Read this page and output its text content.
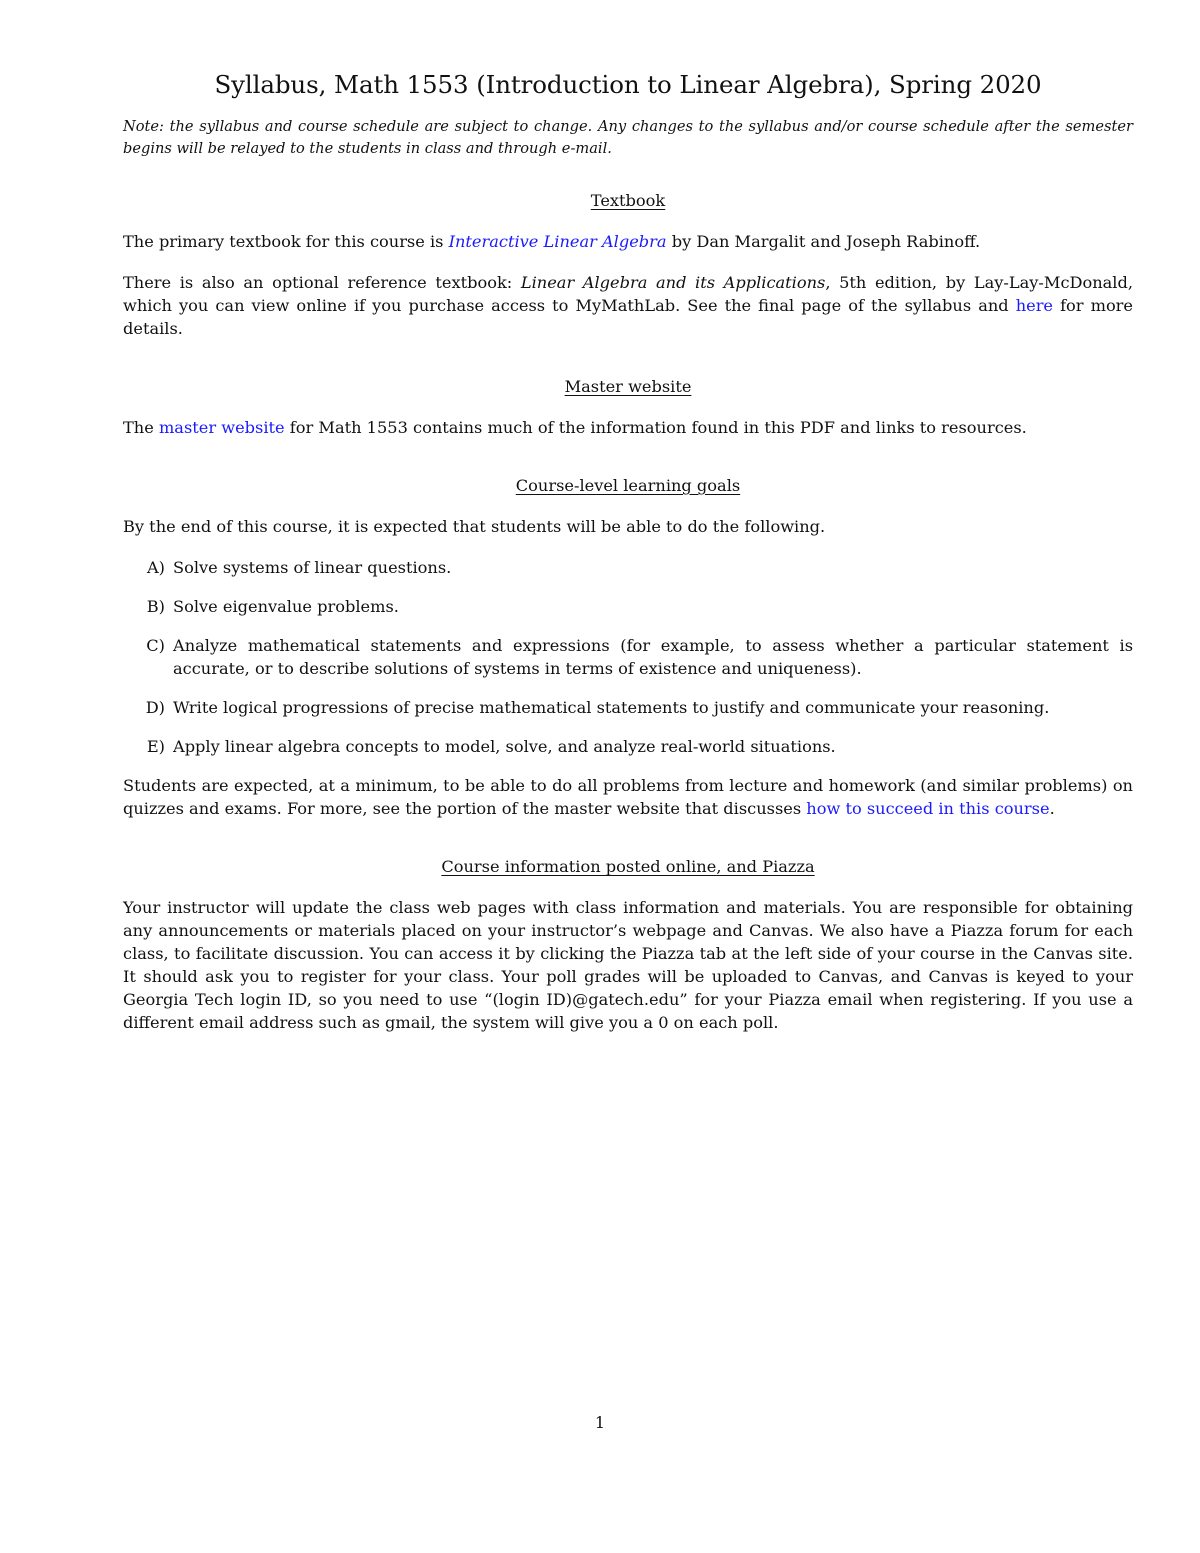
Syllabus, Math 1553 (Introduction to Linear Algebra), Spring 2020

Note: the syllabus and course schedule are subject to change. Any changes to the syllabus and/or course schedule after the semester begins will be relayed to the students in class and through e-mail.

Textbook

The primary textbook for this course is Interactive Linear Algebra by Dan Margalit and Joseph Rabinoff.

There is also an optional reference textbook: Linear Algebra and its Applications, 5th edition, by Lay-Lay-McDonald, which you can view online if you purchase access to MyMathLab. See the final page of the syllabus and here for more details.

Master website

The master website for Math 1553 contains much of the information found in this PDF and links to resources.

Course-level learning goals

By the end of this course, it is expected that students will be able to do the following.

A) Solve systems of linear questions.
B) Solve eigenvalue problems.
C) Analyze mathematical statements and expressions (for example, to assess whether a particular statement is accurate, or to describe solutions of systems in terms of existence and uniqueness).
D) Write logical progressions of precise mathematical statements to justify and communicate your reasoning.
E) Apply linear algebra concepts to model, solve, and analyze real-world situations.

Students are expected, at a minimum, to be able to do all problems from lecture and homework (and similar problems) on quizzes and exams. For more, see the portion of the master website that discusses how to succeed in this course.

Course information posted online, and Piazza

Your instructor will update the class web pages with class information and materials. You are responsible for obtaining any announcements or materials placed on your instructor’s webpage and Canvas. We also have a Piazza forum for each class, to facilitate discussion. You can access it by clicking the Piazza tab at the left side of your course in the Canvas site. It should ask you to register for your class. Your poll grades will be uploaded to Canvas, and Canvas is keyed to your Georgia Tech login ID, so you need to use “(login ID)@gatech.edu” for your Piazza email when registering. If you use a different email address such as gmail, the system will give you a 0 on each poll.

1
